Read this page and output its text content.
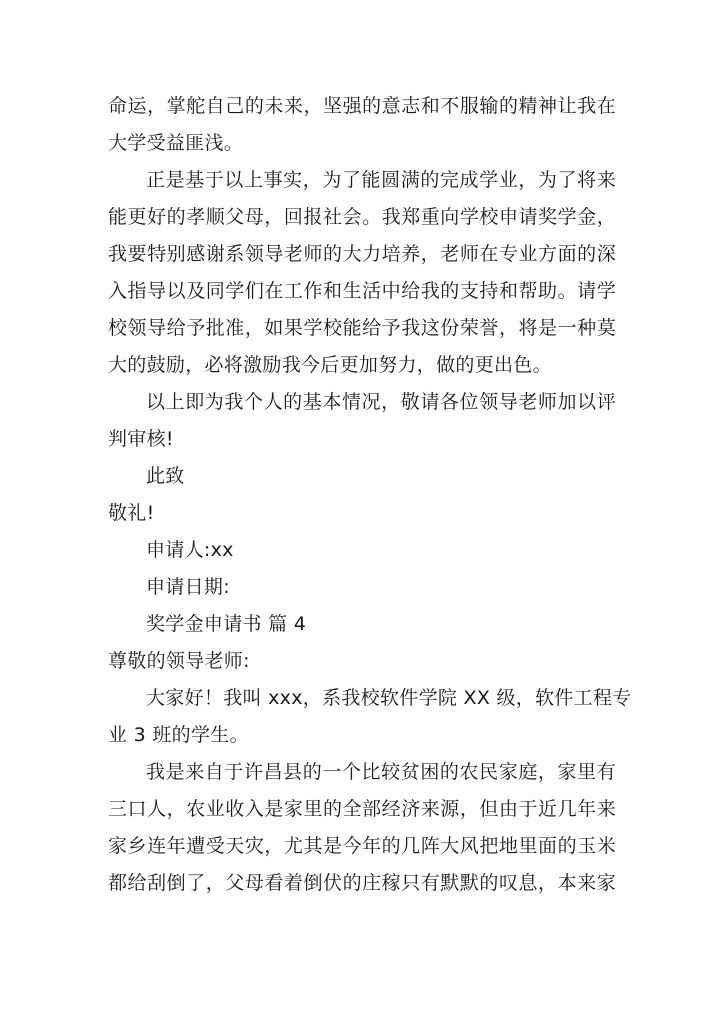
命运，掌舵自己的未来，坚强的意志和不服输的精神让我在
大学受益匪浅。
正是基于以上事实，为了能圆满的完成学业，为了将来
能更好的孝顺父母，回报社会。我郑重向学校申请奖学金，
我要特别感谢系领导老师的大力培养，老师在专业方面的深
入指导以及同学们在工作和生活中给我的支持和帮助。请学
校领导给予批准，如果学校能给予我这份荣誉，将是一种莫
大的鼓励，必将激励我今后更加努力，做的更出色。
以上即为我个人的基本情况，敬请各位领导老师加以评
判审核!
此致
敬礼!
申请人:xx
申请日期:
奖学金申请书 篇 4
尊敬的领导老师:
大家好！我叫 xxx，系我校软件学院 XX 级，软件工程专
业 3 班的学生。
我是来自于许昌县的一个比较贫困的农民家庭，家里有
三口人，农业收入是家里的全部经济来源，但由于近几年来
家乡连年遭受天灾，尤其是今年的几阵大风把地里面的玉米
都给刮倒了，父母看着倒伏的庄稼只有默默的叹息，本来家
